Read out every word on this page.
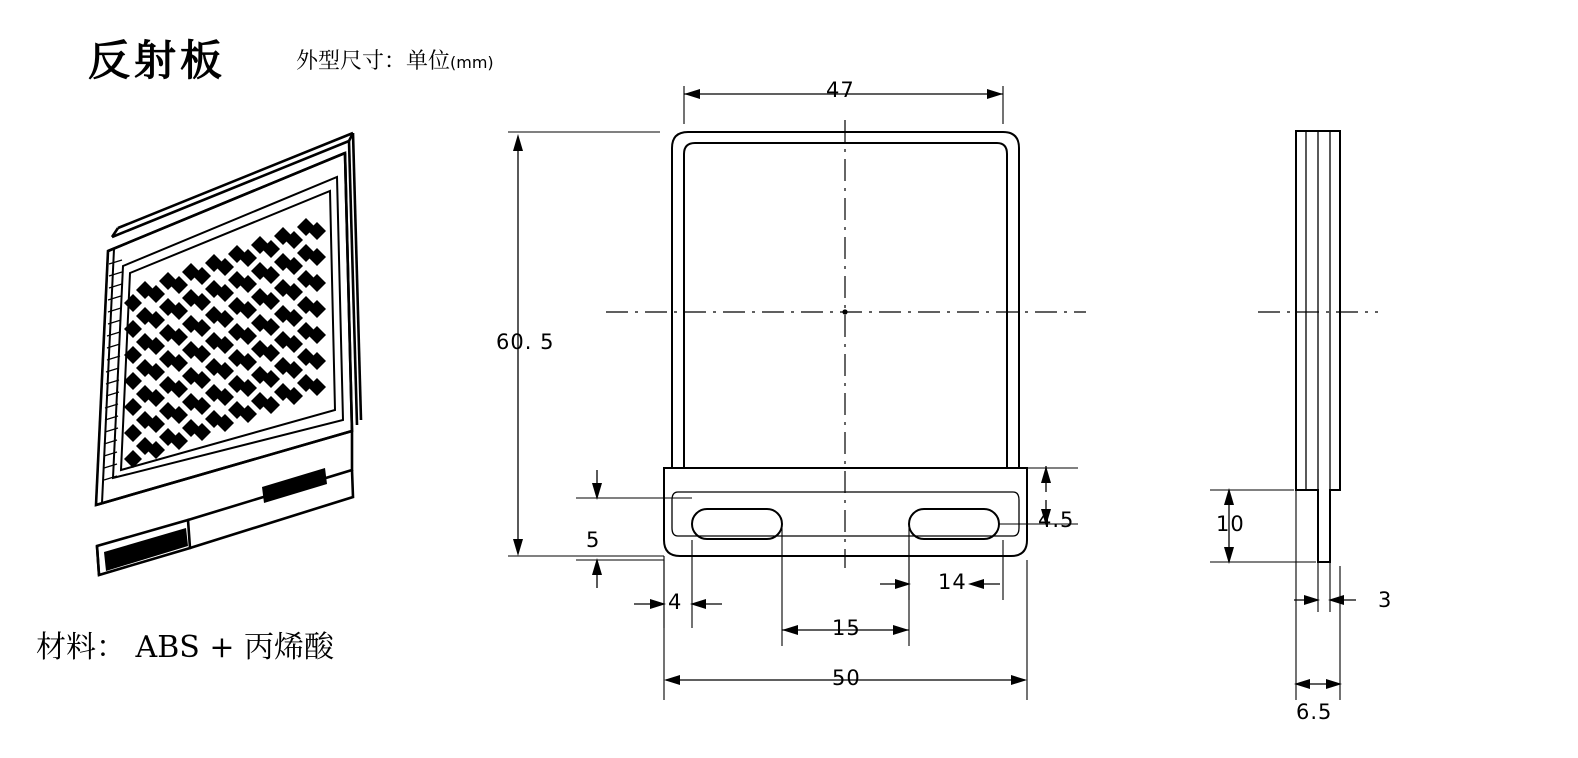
反射板	外型尺寸：单位(mm)
材料： ABS + 丙烯酸
47
60. 5
5
4.5
4
15
14
50
10
3
6.5
